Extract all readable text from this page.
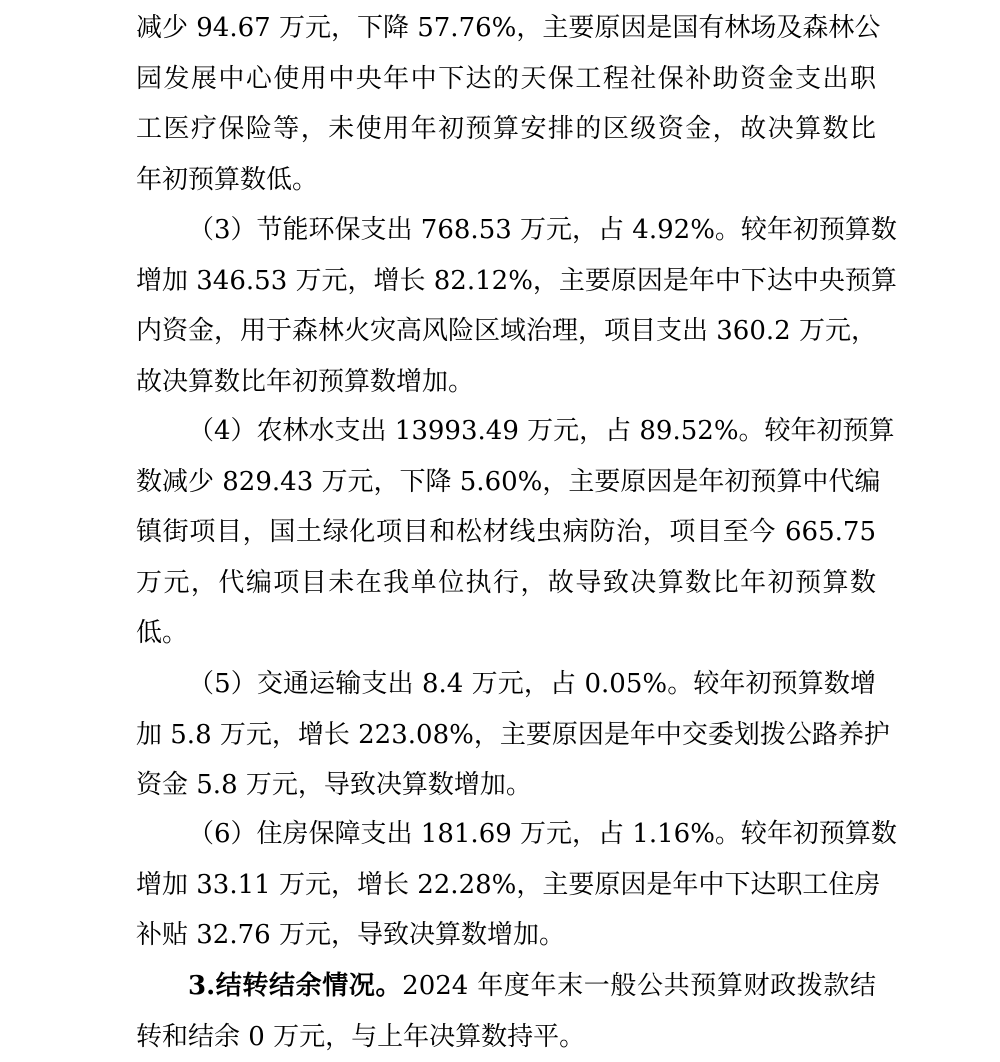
减少 94.67 万元，下降 57.76%，主要原因是国有林场及森林公
园发展中心使用中央年中下达的天保工程社保补助资金支出职
工医疗保险等，未使用年初预算安排的区级资金，故决算数比
年初预算数低。
（3）节能环保支出 768.53 万元，占 4.92%。较年初预算数
增加 346.53 万元，增长 82.12%，主要原因是年中下达中央预算
内资金，用于森林火灾高风险区域治理，项目支出 360.2 万元，
故决算数比年初预算数增加。
（4）农林水支出 13993.49 万元，占 89.52%。较年初预算
数减少 829.43 万元，下降 5.60%，主要原因是年初预算中代编
镇街项目，国土绿化项目和松材线虫病防治，项目至今 665.75
万元，代编项目未在我单位执行，故导致决算数比年初预算数
低。
（5）交通运输支出 8.4 万元，占 0.05%。较年初预算数增
加 5.8 万元，增长 223.08%，主要原因是年中交委划拨公路养护
资金 5.8 万元，导致决算数增加。
（6）住房保障支出 181.69 万元，占 1.16%。较年初预算数
增加 33.11 万元，增长 22.28%，主要原因是年中下达职工住房
补贴 32.76 万元，导致决算数增加。
3.结转结余情况。2024 年度年末一般公共预算财政拨款结
转和结余 0 万元，与上年决算数持平。
